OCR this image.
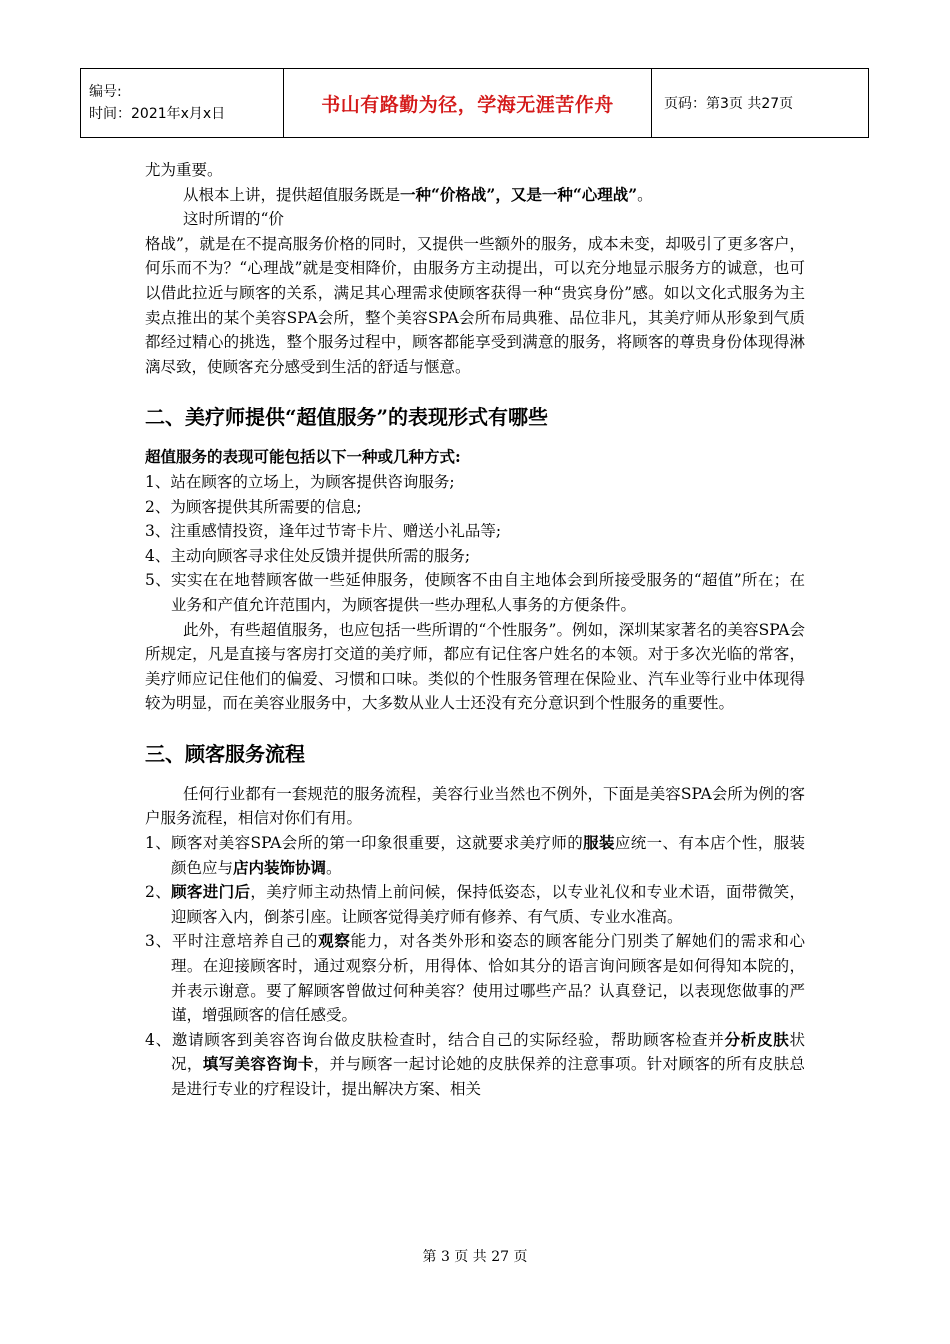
编号:
时间：2021年x月x日	书山有路勤为径，学海无涯苦作舟	页码：第3页 共27页

尤为重要。

从根本上讲，提供超值服务既是一种“价格战”，又是一种“心理战”。

这时所谓的“价

格战”，就是在不提高服务价格的同时，又提供一些额外的服务，成本未变，却吸引了更多客户，何乐而不为？“心理战”就是变相降价，由服务方主动提出，可以充分地显示服务方的诚意，也可以借此拉近与顾客的关系，满足其心理需求使顾客获得一种“贵宾身份”感。如以文化式服务为主卖点推出的某个美容SPA会所，整个美容SPA会所布局典雅、品位非凡，其美疗师从形象到气质都经过精心的挑选，整个服务过程中，顾客都能享受到满意的服务，将顾客的尊贵身份体现得淋漓尽致，使顾客充分感受到生活的舒适与惬意。

二、美疗师提供“超值服务”的表现形式有哪些

超值服务的表现可能包括以下一种或几种方式:

1、站在顾客的立场上，为顾客提供咨询服务;

2、为顾客提供其所需要的信息;

3、注重感情投资，逢年过节寄卡片、赠送小礼品等;

4、主动向顾客寻求住处反馈并提供所需的服务;

5、实实在在地替顾客做一些延伸服务，使顾客不由自主地体会到所接受服务的“超值”所在；在业务和产值允许范围内，为顾客提供一些办理私人事务的方便条件。

此外，有些超值服务，也应包括一些所谓的“个性服务”。例如，深圳某家著名的美容SPA会所规定，凡是直接与客房打交道的美疗师，都应有记住客户姓名的本领。对于多次光临的常客，美疗师应记住他们的偏爱、习惯和口味。类似的个性服务管理在保险业、汽车业等行业中体现得较为明显，而在美容业服务中，大多数从业人士还没有充分意识到个性服务的重要性。

三、顾客服务流程

任何行业都有一套规范的服务流程，美容行业当然也不例外，下面是美容SPA会所为例的客户服务流程，相信对你们有用。

1、顾客对美容SPA会所的第一印象很重要，这就要求美疗师的服装应统一、有本店个性，服装颜色应与店内装饰协调。

2、顾客进门后，美疗师主动热情上前问候，保持低姿态，以专业礼仪和专业术语，面带微笑，迎顾客入内，倒茶引座。让顾客觉得美疗师有修养、有气质、专业水准高。

3、平时注意培养自己的观察能力，对各类外形和姿态的顾客能分门别类了解她们的需求和心理。在迎接顾客时，通过观察分析，用得体、恰如其分的语言询问顾客是如何得知本院的，并表示谢意。要了解顾客曾做过何种美容？使用过哪些产品？认真登记，以表现您做事的严谨，增强顾客的信任感受。

4、邀请顾客到美容咨询台做皮肤检查时，结合自己的实际经验，帮助顾客检查并分析皮肤状况，填写美容咨询卡，并与顾客一起讨论她的皮肤保养的注意事项。针对顾客的所有皮肤总是进行专业的疗程设计，提出解决方案、相关

第 3 页 共 27 页
